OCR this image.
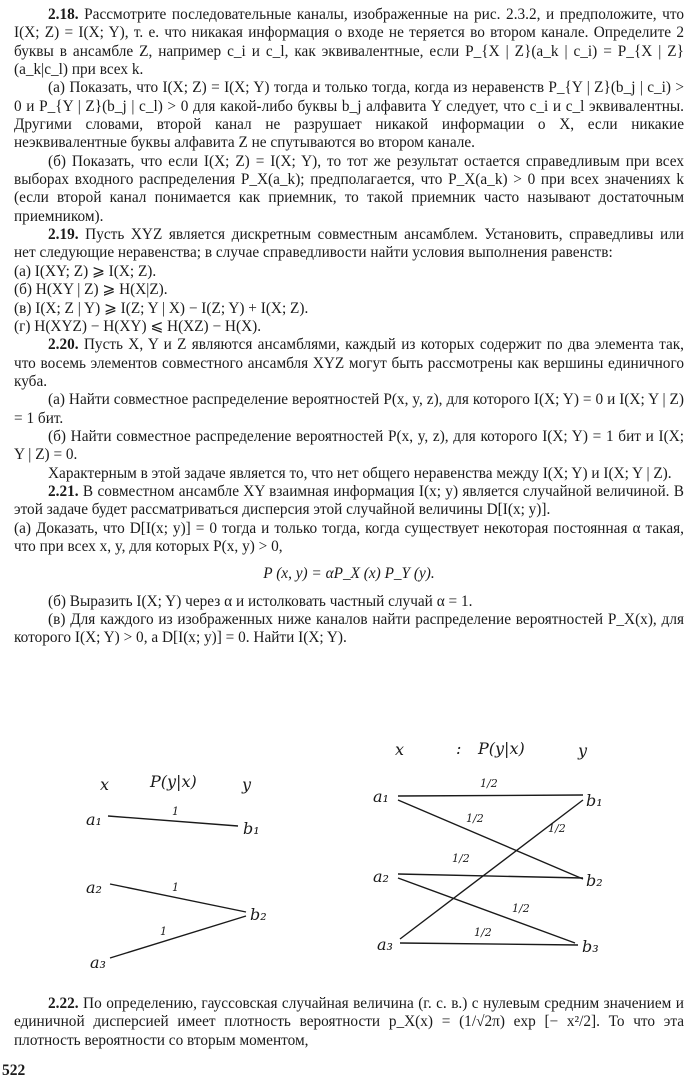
2.18. Рассмотрите последовательные каналы, изображенные на рис. 2.3.2, и предположите, что I(X; Z) = I(X; Y), т. е. что никакая информация о входе не теряется во втором канале. Определите 2 буквы в ансамбле Z, например c_i и c_l, как эквивалентные, если P_{X | Z}(a_k | c_i) = P_{X | Z}(a_k|c_l) при всех k.

(а) Показать, что I(X; Z) = I(X; Y) тогда и только тогда, когда из неравенств P_{Y | Z}(b_j | c_i) > 0 и P_{Y | Z}(b_j | c_l) > 0 для какой-либо буквы b_j алфавита Y следует, что c_i и c_l эквивалентны. Другими словами, второй канал не разрушает никакой информации о X, если никакие неэквивалентные буквы алфавита Z не спутываются во втором канале.

(б) Показать, что если I(X; Z) = I(X; Y), то тот же результат остается справедливым при всех выборах входного распределения P_X(a_k); предполагается, что P_X(a_k) > 0 при всех значениях k (если второй канал понимается как приемник, то такой приемник часто называют достаточным приемником).

2.19. Пусть XYZ является дискретным совместным ансамблем. Установить, справедливы или нет следующие неравенства; в случае справедливости найти условия выполнения равенств:

(а) I(XY; Z) ⩾ I(X; Z).

(б) H(XY | Z) ⩾ H(X|Z).

(в) I(X; Z | Y) ⩾ I(Z; Y | X) − I(Z; Y) + I(X; Z).

(г) H(XYZ) − H(XY) ⩽ H(XZ) − H(X).

2.20. Пусть X, Y и Z являются ансамблями, каждый из которых содержит по два элемента так, что восемь элементов совместного ансамбля XYZ могут быть рассмотрены как вершины единичного куба.

(а) Найти совместное распределение вероятностей P(x, y, z), для которого I(X; Y) = 0 и I(X; Y | Z) = 1 бит.

(б) Найти совместное распределение вероятностей P(x, y, z), для которого I(X; Y) = 1 бит и I(X; Y | Z) = 0.

Характерным в этой задаче является то, что нет общего неравенства между I(X; Y) и I(X; Y | Z).

2.21. В совместном ансамбле XY взаимная информация I(x; y) является случайной величиной. В этой задаче будет рассматриваться дисперсия этой случайной величины D[I(x; y)].

(а) Доказать, что D[I(x; y)] = 0 тогда и только тогда, когда существует некоторая постоянная α такая, что при всех x, y, для которых P(x, y) > 0,

P (x, y) = αP_X (x) P_Y (y).

(б) Выразить I(X; Y) через α и истолковать частный случай α = 1.

(в) Для каждого из изображенных ниже каналов найти распределение вероятностей P_X(x), для которого I(X; Y) > 0, а D[I(x; y)] = 0. Найти I(X; Y).

x	P(y|x)	y
a₁
a₂
a₃
b₁
b₂
1
1
1
x	: P(y|x)	y
a₁
a₂
a₃
b₁
b₂
b₃
1/2
1/2
1/2
1/2
1/2
1/2

2.22. По определению, гауссовская случайная величина (г. с. в.) с нулевым средним значением и единичной дисперсией имеет плотность вероятности p_X(x) = (1/√2π) exp [− x²/2]. То что эта плотность вероятности со вторым моментом,

522
